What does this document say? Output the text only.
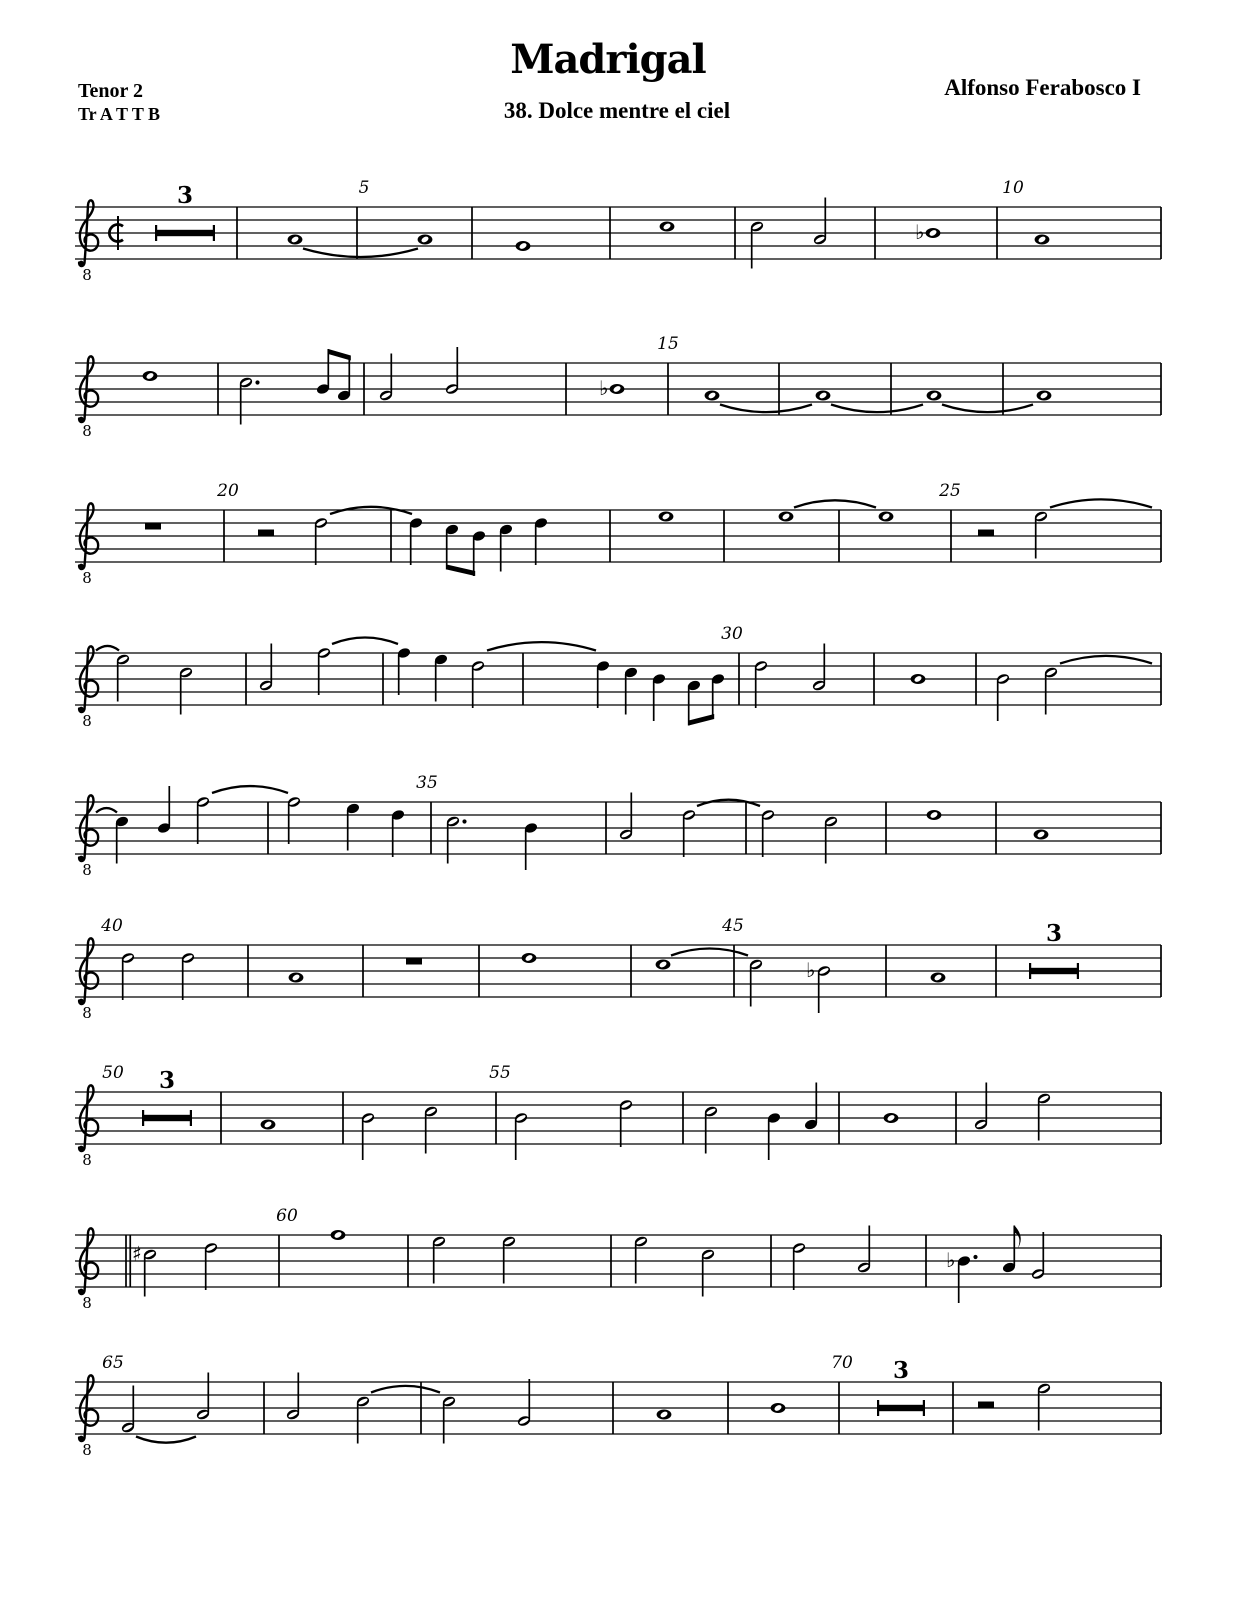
Madrigal
38. Dolce mentre el ciel
Alfonso Ferabosco I
Tenor 2
Tr A T T B
5	10
8
3
♭
15
8
♭
20	25
8
30
8
35
8
40	45
8
♭
3
50	55
8
3
60
8
♯	♭
65	70
8
3
